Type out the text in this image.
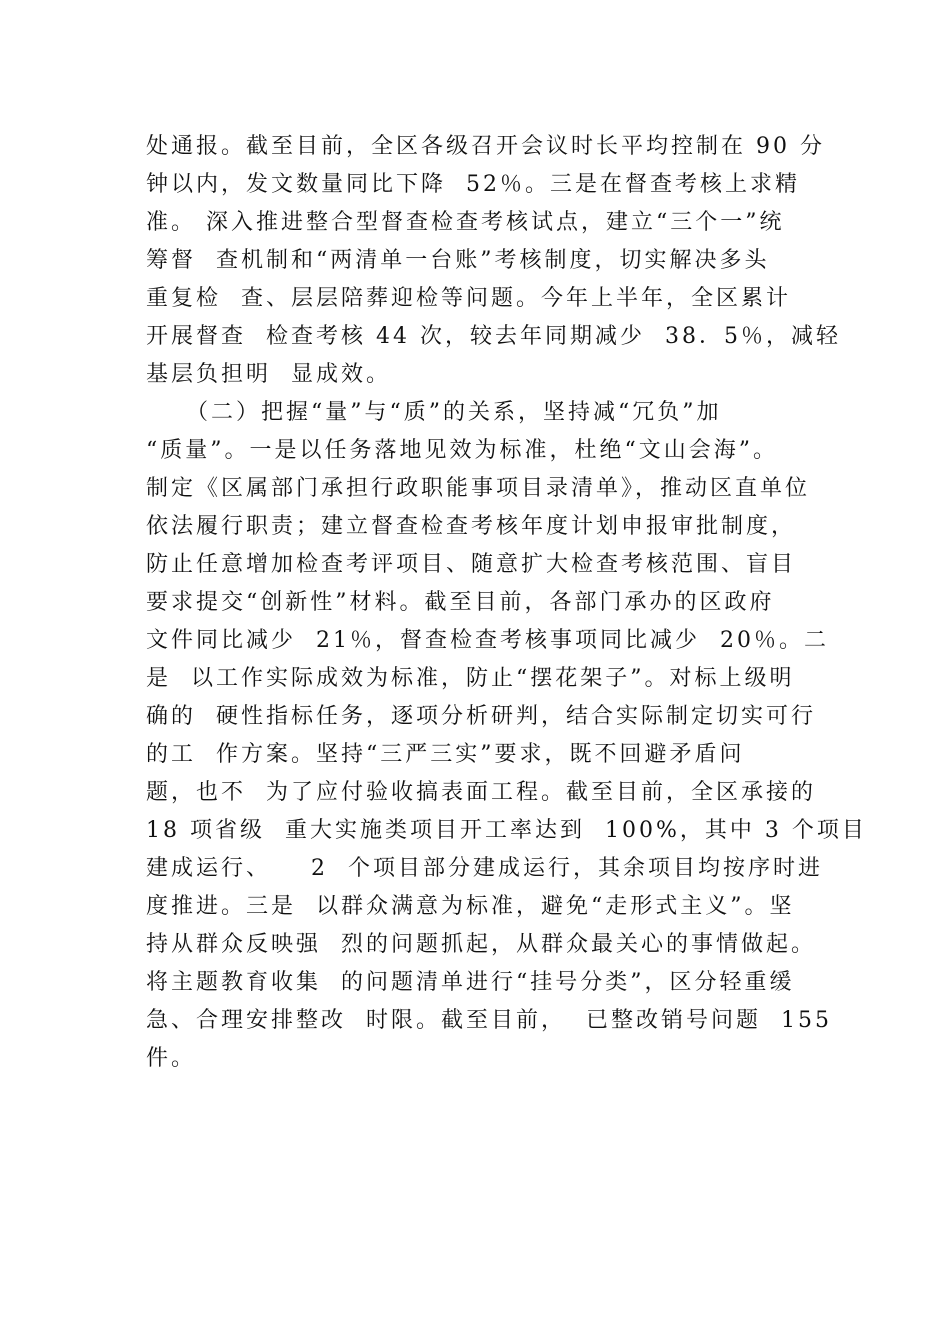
处通报。截至目前，全区各级召开会议时长平均控制在 90 分
钟以内，发文数量同比下降  52％。三是在督查考核上求精
准。 深入推进整合型督查检查考核试点，建立“三个一”统
筹督  查机制和“两清单一台账”考核制度，切实解决多头
重复检  查、层层陪葬迎检等问题。今年上半年，全区累计
开展督查  检查考核 44 次，较去年同期减少  38．5％，减轻
基层负担明  显成效。
（二）把握“量”与“质”的关系，坚持减“冗负”加
“质量”。一是以任务落地见效为标准，杜绝“文山会海”。
制定《区属部门承担行政职能事项目录清单》，推动区直单位
依法履行职责；建立督查检查考核年度计划申报审批制度，
防止任意增加检查考评项目、随意扩大检查考核范围、盲目
要求提交“创新性”材料。截至目前，各部门承办的区政府
文件同比减少  21％，督查检查考核事项同比减少  20％。二
是  以工作实际成效为标准，防止“摆花架子”。对标上级明
确的  硬性指标任务，逐项分析研判，结合实际制定切实可行
的工  作方案。坚持“三严三实”要求，既不回避矛盾问
题，也不  为了应付验收搞表面工程。截至目前，全区承接的
18 项省级  重大实施类项目开工率达到  100%，其中 3 个项目
建成运行、    2  个项目部分建成运行，其余项目均按序时进
度推进。三是  以群众满意为标准，避免“走形式主义”。坚
持从群众反映强  烈的问题抓起，从群众最关心的事情做起。
将主题教育收集  的问题清单进行“挂号分类”，区分轻重缓
急、合理安排整改  时限。截至目前，  已整改销号问题  155
件。
